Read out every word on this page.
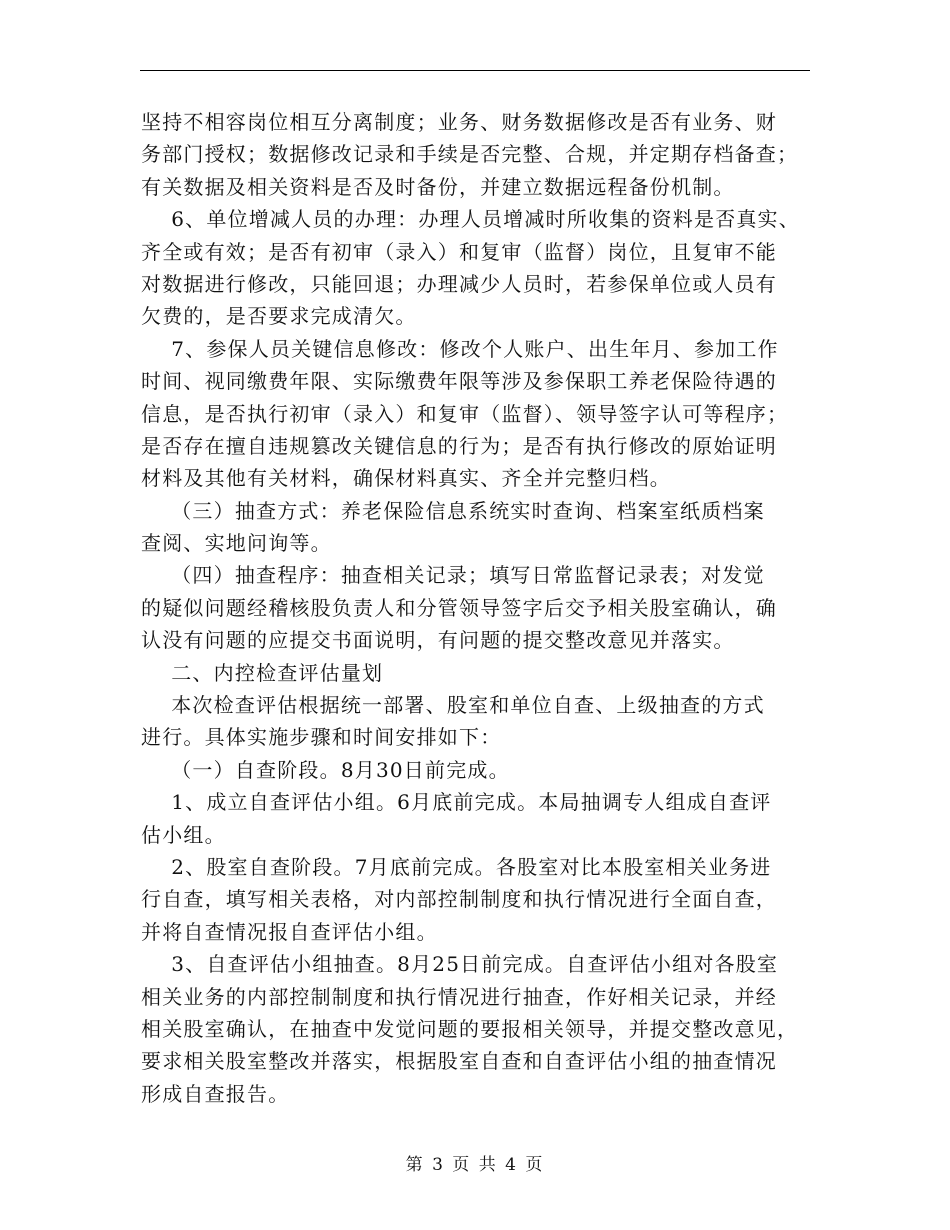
坚持不相容岗位相互分离制度；业务、财务数据修改是否有业务、财
务部门授权；数据修改记录和手续是否完整、合规，并定期存档备查；
有关数据及相关资料是否及时备份，并建立数据远程备份机制。
6、单位增减人员的办理：办理人员增减时所收集的资料是否真实、
齐全或有效；是否有初审（录入）和复审（监督）岗位，且复审不能
对数据进行修改，只能回退；办理减少人员时，若参保单位或人员有
欠费的，是否要求完成清欠。
7、参保人员关键信息修改：修改个人账户、出生年月、参加工作
时间、视同缴费年限、实际缴费年限等涉及参保职工养老保险待遇的
信息，是否执行初审（录入）和复审（监督）、领导签字认可等程序；
是否存在擅自违规篡改关键信息的行为；是否有执行修改的原始证明
材料及其他有关材料，确保材料真实、齐全并完整归档。
（三）抽查方式：养老保险信息系统实时查询、档案室纸质档案
查阅、实地问询等。
（四）抽查程序：抽查相关记录；填写日常监督记录表；对发觉
的疑似问题经稽核股负责人和分管领导签字后交予相关股室确认，确
认没有问题的应提交书面说明，有问题的提交整改意见并落实。
二、内控检查评估量划
本次检查评估根据统一部署、股室和单位自查、上级抽查的方式
进行。具体实施步骤和时间安排如下：
（一）自查阶段。8月30日前完成。
1、成立自查评估小组。6月底前完成。本局抽调专人组成自查评
估小组。
2、股室自查阶段。7月底前完成。各股室对比本股室相关业务进
行自查，填写相关表格，对内部控制制度和执行情况进行全面自查，
并将自查情况报自查评估小组。
3、自查评估小组抽查。8月25日前完成。自查评估小组对各股室
相关业务的内部控制制度和执行情况进行抽查，作好相关记录，并经
相关股室确认，在抽查中发觉问题的要报相关领导，并提交整改意见，
要求相关股室整改并落实，根据股室自查和自查评估小组的抽查情况
形成自查报告。
第 3 页 共 4 页
